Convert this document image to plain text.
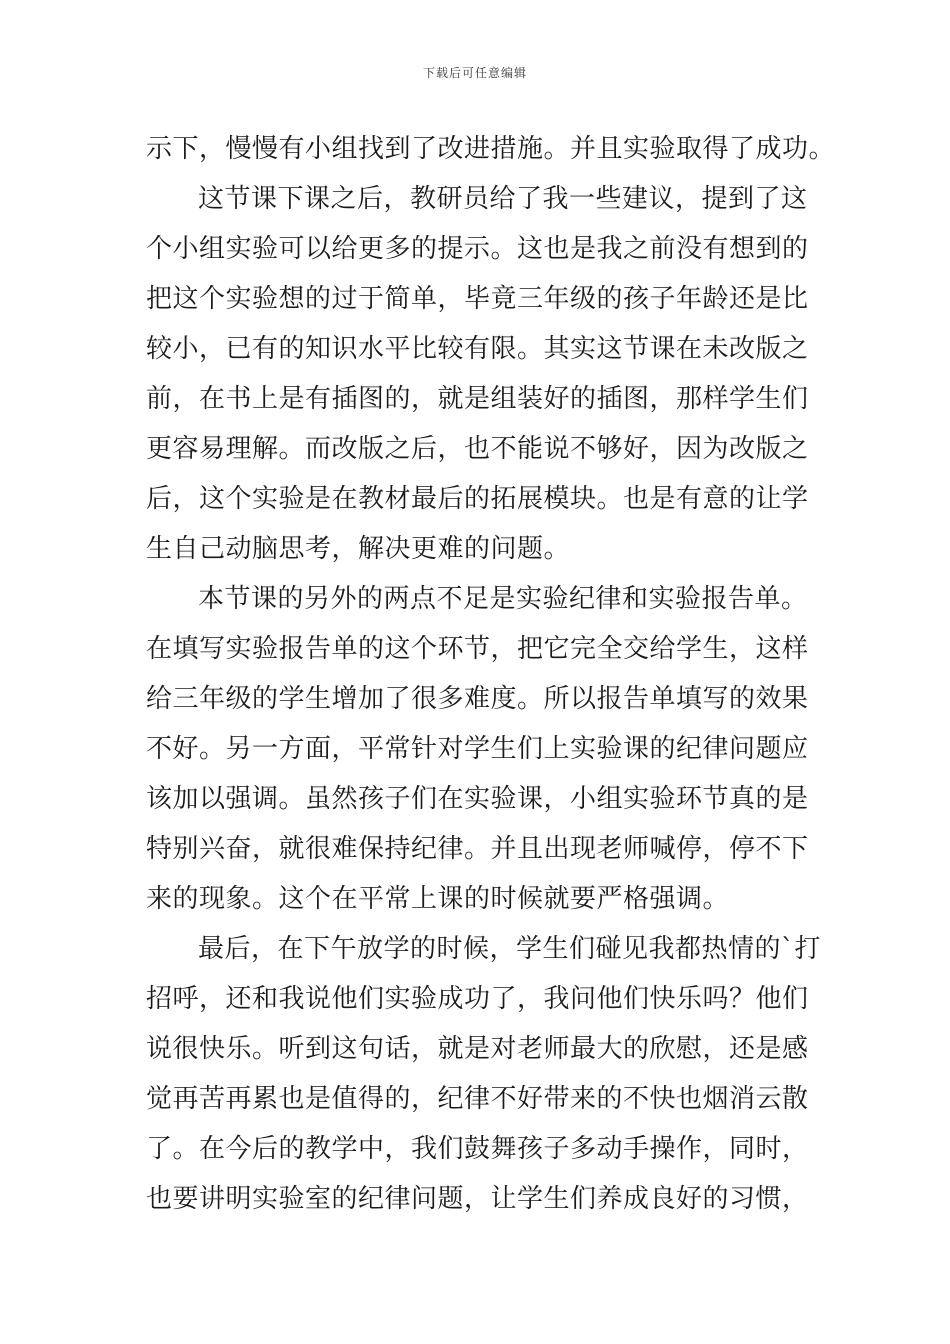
下载后可任意编辑
示下，慢慢有小组找到了改进措施。并且实验取得了成功。
这节课下课之后，教研员给了我一些建议，提到了这
个小组实验可以给更多的提示。这也是我之前没有想到的
把这个实验想的过于简单，毕竟三年级的孩子年龄还是比
较小，已有的知识水平比较有限。其实这节课在未改版之
前，在书上是有插图的，就是组装好的插图，那样学生们
更容易理解。而改版之后，也不能说不够好，因为改版之
后，这个实验是在教材最后的拓展模块。也是有意的让学
生自己动脑思考，解决更难的问题。
本节课的另外的两点不足是实验纪律和实验报告单。
在填写实验报告单的这个环节，把它完全交给学生，这样
给三年级的学生增加了很多难度。所以报告单填写的效果
不好。另一方面，平常针对学生们上实验课的纪律问题应
该加以强调。虽然孩子们在实验课，小组实验环节真的是
特别兴奋，就很难保持纪律。并且出现老师喊停，停不下
来的现象。这个在平常上课的时候就要严格强调。
最后，在下午放学的时候，学生们碰见我都热情的`打
招呼，还和我说他们实验成功了，我问他们快乐吗？他们
说很快乐。听到这句话，就是对老师最大的欣慰，还是感
觉再苦再累也是值得的，纪律不好带来的不快也烟消云散
了。在今后的教学中，我们鼓舞孩子多动手操作，同时，
也要讲明实验室的纪律问题，让学生们养成良好的习惯，
